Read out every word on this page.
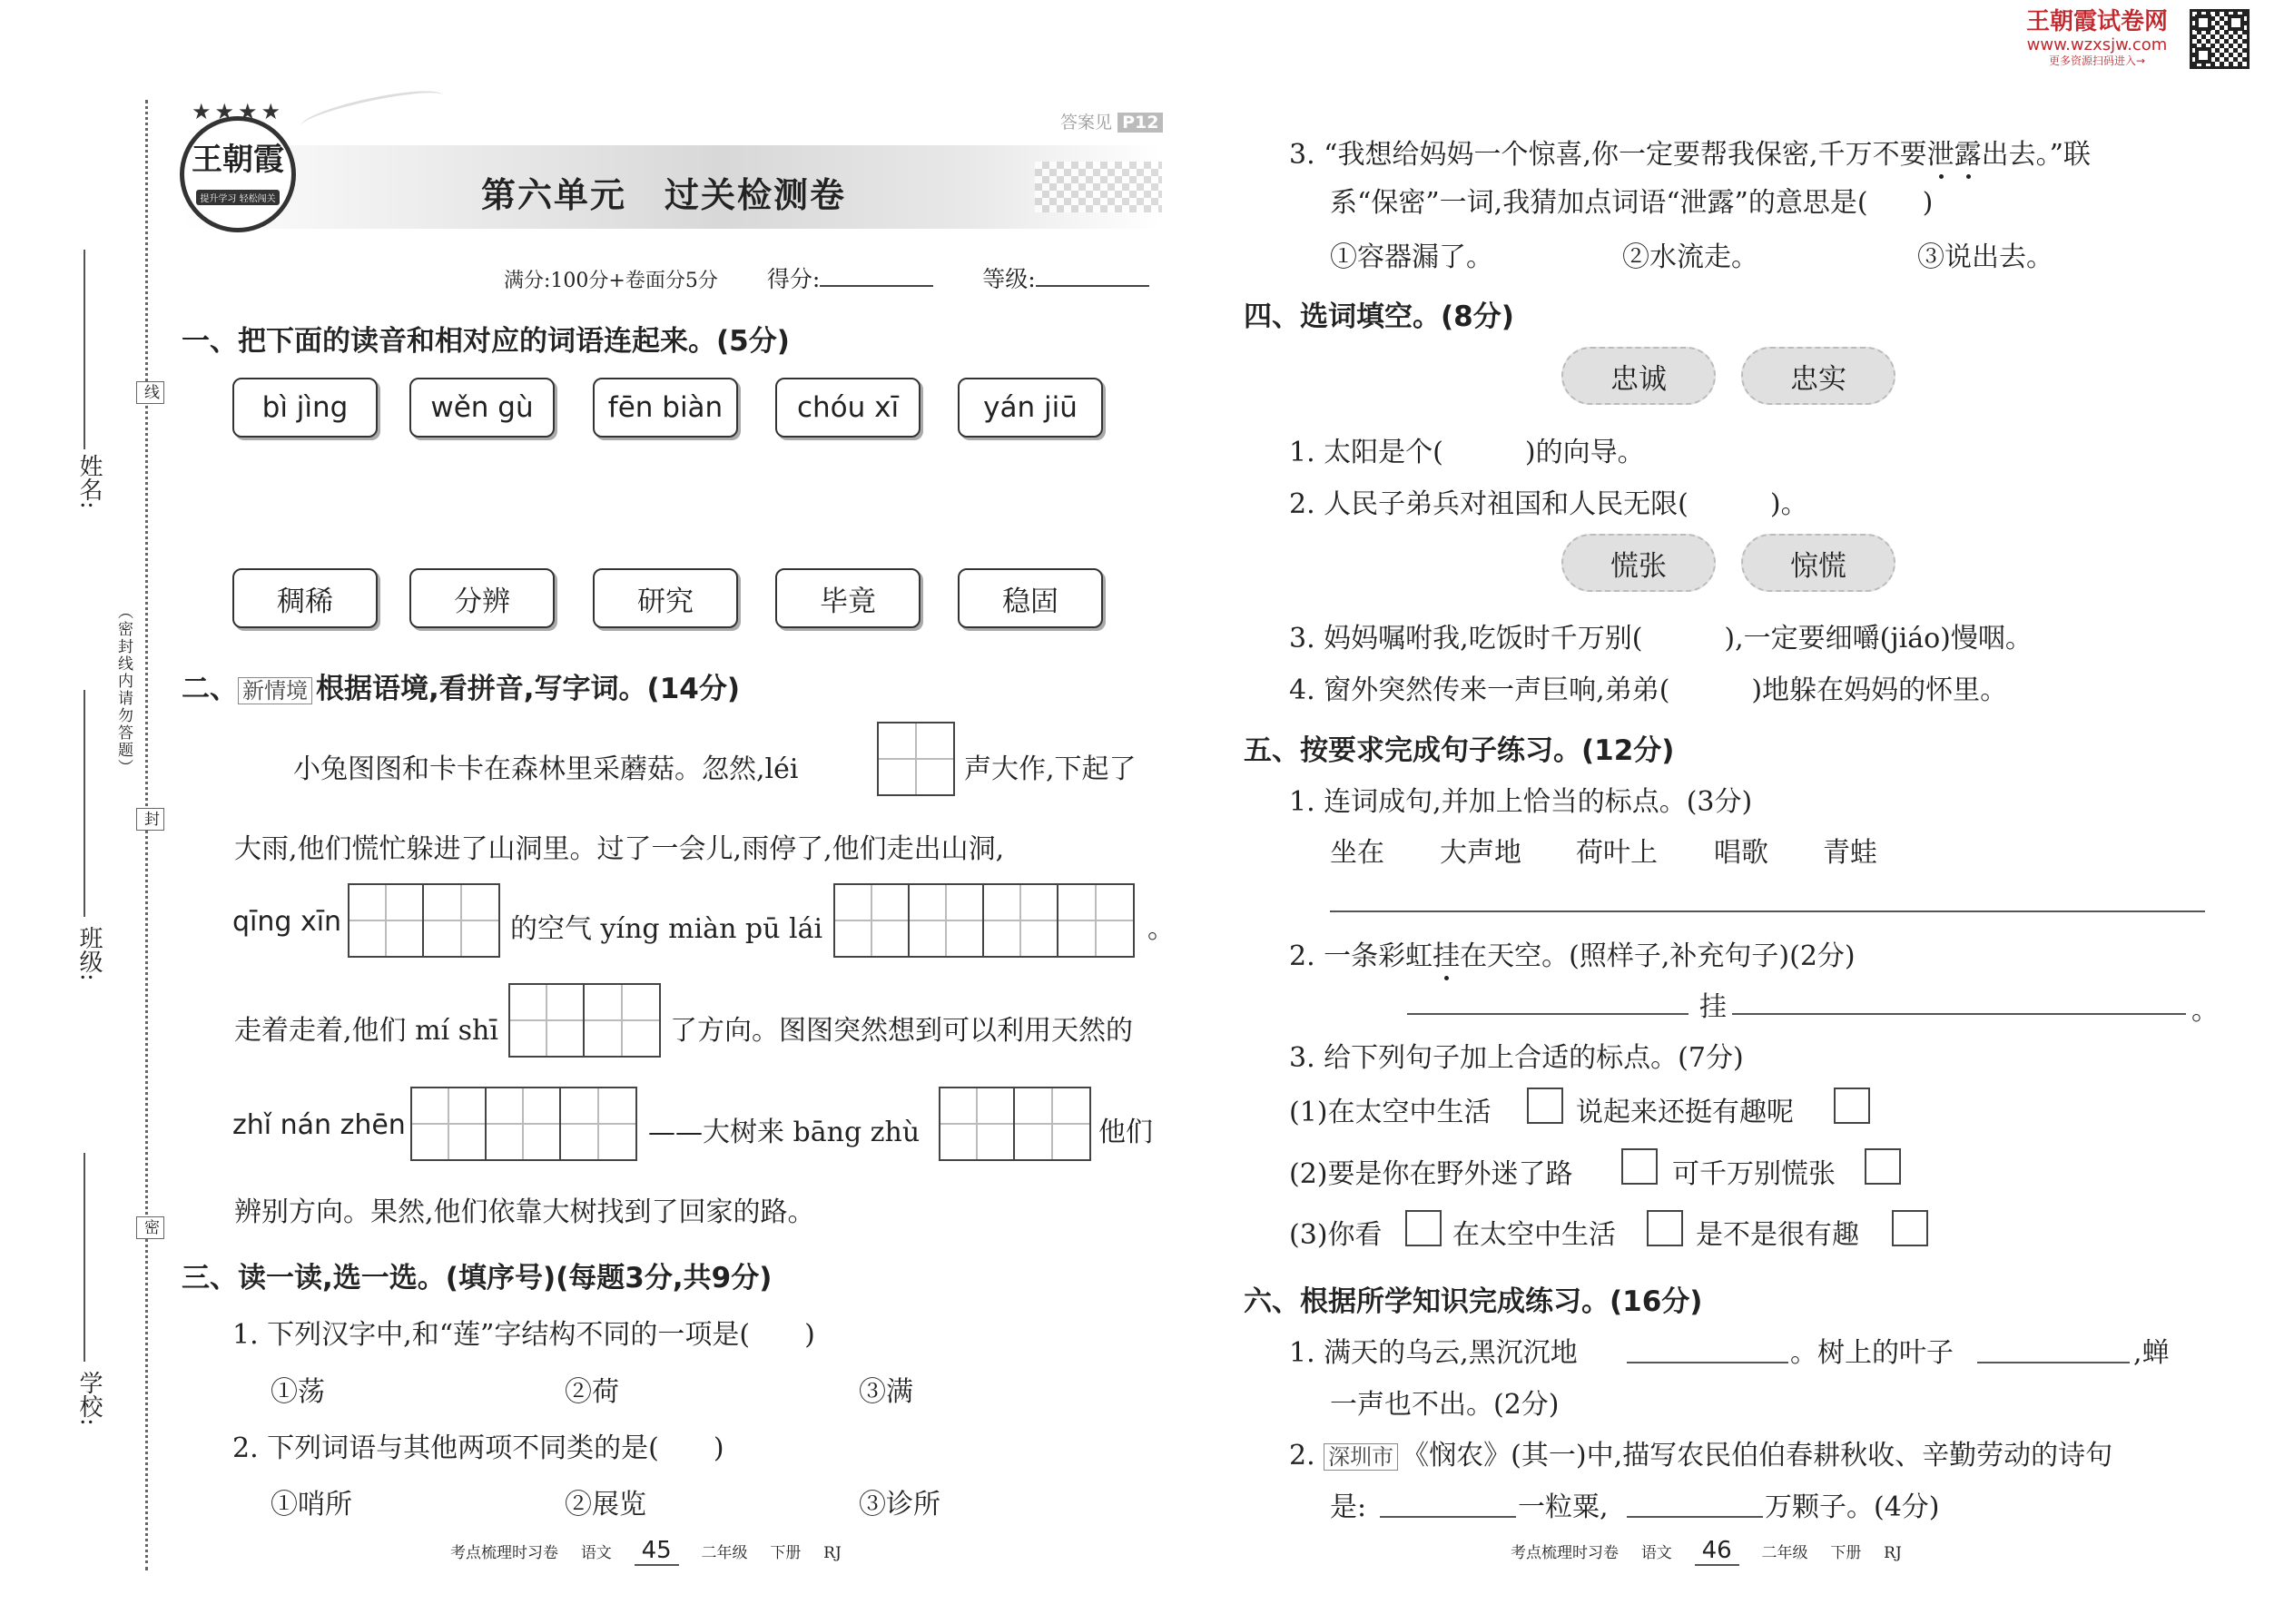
姓名:
线
（密封线内请勿答题）
封
班级:
密
学校:
★★★★
王朝霞
提升学习 轻松闯关
答案见 P12
第六单元 过关检测卷
满分:100分+卷面分5分 得分:	等级:
一、把下面的读音和相对应的词语连起来。(5分)
bì jìng	wěn gù	fēn biàn	chóu xī	yán jiū
稠稀	分辨	研究	毕竟	稳固
二、 新情境 根据语境,看拼音,写字词。(14分)
小兔图图和卡卡在森林里采蘑菇。忽然,léi	声大作,下起了
大雨,他们慌忙躲进了山洞里。过了一会儿,雨停了,他们走出山洞,
qīng xīn	的空气 yíng miàn pū lái	。
走着走着,他们 mí shī	了方向。图图突然想到可以利用天然的
zhǐ nán zhēn	——大树来 bāng zhù	他们
辨别方向。果然,他们依靠大树找到了回家的路。
三、读一读,选一选。(填序号)(每题3分,共9分)
1. 下列汉字中,和“莲”字结构不同的一项是(　　)
①荡	②荷	③满
2. 下列词语与其他两项不同类的是(　　)
①哨所	②展览	③诊所
考点梳理时习卷 语文 45 二年级 下册 RJ
王朝霞试卷网
www.wzxsjw.com
更多资源扫码进入→
3. “我想给妈妈一个惊喜,你一定要帮我保密,千万不要泄露出去。”联
系“保密”一词,我猜加点词语“泄露”的意思是(　　)
①容器漏了。	②水流走。	③说出去。
四、选词填空。(8分)
忠诚	忠实
1. 太阳是个(　　　)的向导。
2. 人民子弟兵对祖国和人民无限(　　　)。
慌张	惊慌
3. 妈妈嘱咐我,吃饭时千万别(　　　),一定要细嚼(jiáo)慢咽。
4. 窗外突然传来一声巨响,弟弟(　　　)地躲在妈妈的怀里。
五、按要求完成句子练习。(12分)
1. 连词成句,并加上恰当的标点。(3分)
坐在 大声地 荷叶上 唱歌 青蛙
2. 一条彩虹挂在天空。(照样子,补充句子)(2分)
挂	。
3. 给下列句子加上合适的标点。(7分)
(1)在太空中生活	说起来还挺有趣呢
(2)要是你在野外迷了路	可千万别慌张
(3)你看	在太空中生活	是不是很有趣
六、根据所学知识完成练习。(16分)
1. 满天的乌云,黑沉沉地	。树上的叶子	,蝉
一声也不出。(2分)
2. 深圳市 《悯农》(其一)中,描写农民伯伯春耕秋收、辛勤劳动的诗句
是:	一粒粟,	万颗子。(4分)
考点梳理时习卷 语文 46 二年级 下册 RJ
